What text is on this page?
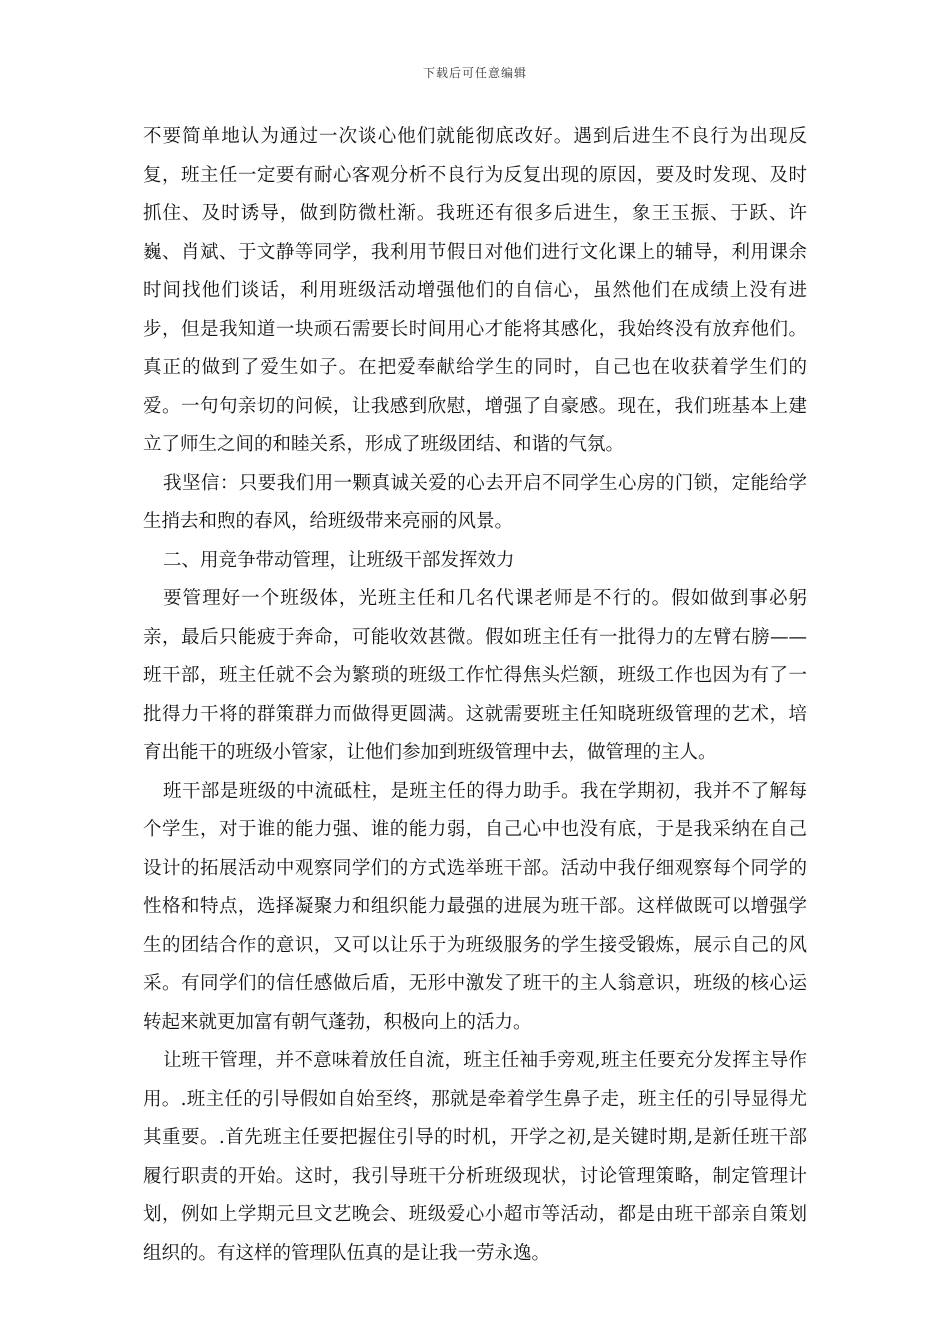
下载后可任意编辑

不要简单地认为通过一次谈心他们就能彻底改好。遇到后进生不良行为出现反复，班主任一定要有耐心客观分析不良行为反复出现的原因，要及时发现、及时抓住、及时诱导，做到防微杜渐。我班还有很多后进生，象王玉振、于跃、许巍、肖斌、于文静等同学，我利用节假日对他们进行文化课上的辅导，利用课余时间找他们谈话，利用班级活动增强他们的自信心，虽然他们在成绩上没有进步，但是我知道一块顽石需要长时间用心才能将其感化，我始终没有放弃他们。真正的做到了爱生如子。在把爱奉献给学生的同时，自己也在收获着学生们的爱。一句句亲切的问候，让我感到欣慰，增强了自豪感。现在，我们班基本上建立了师生之间的和睦关系，形成了班级团结、和谐的气氛。

我坚信：只要我们用一颗真诚关爱的心去开启不同学生心房的门锁，定能给学生捎去和煦的春风，给班级带来亮丽的风景。

二、用竞争带动管理，让班级干部发挥效力

要管理好一个班级体，光班主任和几名代课老师是不行的。假如做到事必躬亲，最后只能疲于奔命，可能收效甚微。假如班主任有一批得力的左臂右膀——班干部，班主任就不会为繁琐的班级工作忙得焦头烂额，班级工作也因为有了一批得力干将的群策群力而做得更圆满。这就需要班主任知晓班级管理的艺术，培育出能干的班级小管家，让他们参加到班级管理中去，做管理的主人。

班干部是班级的中流砥柱，是班主任的得力助手。我在学期初，我并不了解每个学生，对于谁的能力强、谁的能力弱，自己心中也没有底，于是我采纳在自己设计的拓展活动中观察同学们的方式选举班干部。活动中我仔细观察每个同学的性格和特点，选择凝聚力和组织能力最强的进展为班干部。这样做既可以增强学生的团结合作的意识，又可以让乐于为班级服务的学生接受锻炼，展示自己的风采。有同学们的信任感做后盾，无形中激发了班干的主人翁意识，班级的核心运转起来就更加富有朝气蓬勃，积极向上的活力。

让班干管理，并不意味着放任自流，班主任袖手旁观,班主任要充分发挥主导作用。.班主任的引导假如自始至终，那就是牵着学生鼻子走，班主任的引导显得尤其重要。.首先班主任要把握住引导的时机，开学之初,是关键时期,是新任班干部履行职责的开始。这时，我引导班干分析班级现状，讨论管理策略，制定管理计划，例如上学期元旦文艺晚会、班级爱心小超市等活动，都是由班干部亲自策划组织的。有这样的管理队伍真的是让我一劳永逸。
